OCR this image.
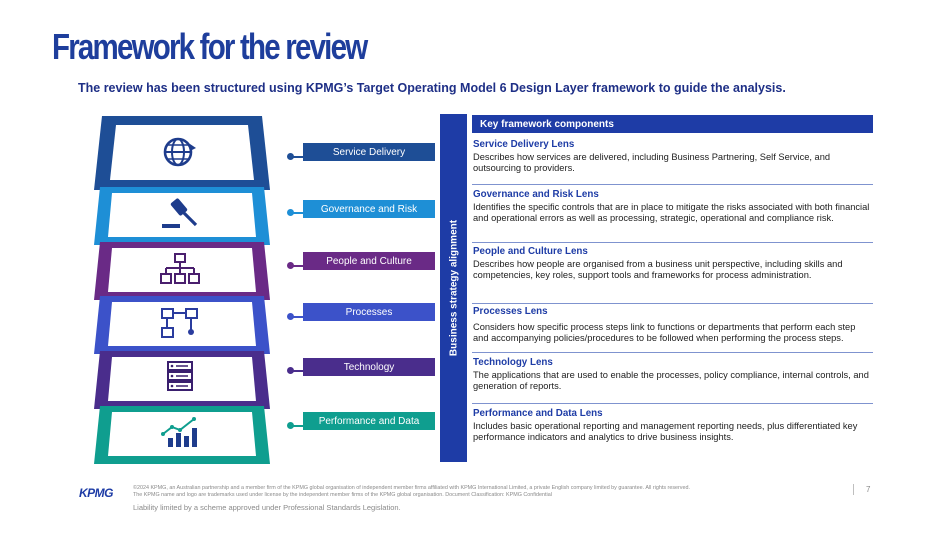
Framework for the review
The review has been structured using KPMG’s Target Operating Model 6 Design Layer framework to guide the analysis.
Service Delivery
Governance and Risk
People and Culture
Processes
Technology
Performance and Data
Business strategy alignment
Key framework components
Service Delivery Lens

Describes how services are delivered, including Business Partnering, Self Service, and outsourcing to providers.

Governance and Risk Lens

Identifies the specific controls that are in place to mitigate the risks associated with both financial and operational errors as well as processing, strategic, operational and compliance risk.

People and Culture Lens

Describes how people are organised from a business unit perspective, including skills and competencies, key roles, support tools and frameworks for process administration.

Processes Lens

Considers how specific process steps link to functions or departments that perform each step and accompanying policies/procedures to be followed when performing the process steps.

Technology Lens

The applications that are used to enable the processes, policy compliance, internal controls, and generation of reports.

Performance and Data Lens

Includes basic operational reporting and management reporting needs, plus differentiated key performance indicators and analytics to drive business insights.

KPMG	©2024 KPMG, an Australian partnership and a member firm of the KPMG global organisation of independent member firms affiliated with KPMG International Limited, a private English company limited by guarantee. All rights reserved.
The KPMG name and logo are trademarks used under license by the independent member firms of the KPMG global organisation. Document Classification: KPMG Confidential
Liability limited by a scheme approved under Professional Standards Legislation.
7
